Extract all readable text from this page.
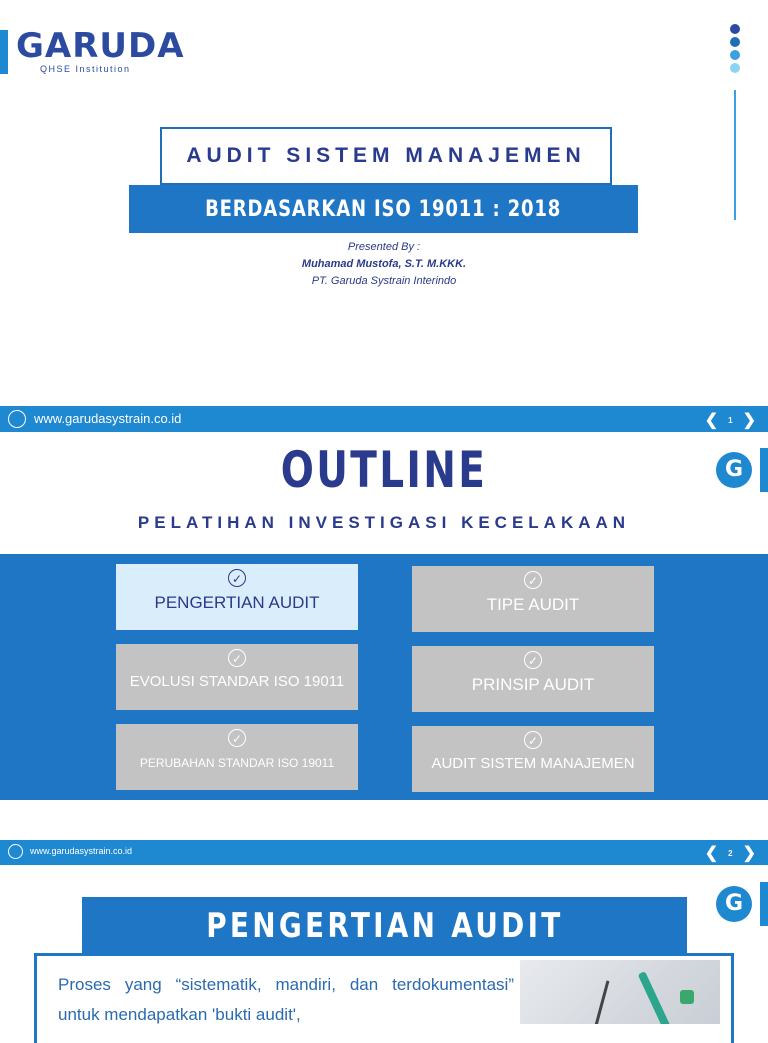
GARUDA
QHSE Institution
AUDIT SISTEM MANAJEMEN
BERDASARKAN ISO 19011 : 2018
Presented By :
Muhamad Mustofa, S.T. M.KKK.
PT. Garuda Systrain Interindo
www.garudasystrain.co.id	❮ 1 ❯
OUTLINE
PELATIHAN INVESTIGASI KECELAKAAN
G
✓
PENGERTIAN AUDIT
✓
TIPE AUDIT
✓
EVOLUSI STANDAR ISO 19011
✓
PRINSIP AUDIT
✓
PERUBAHAN STANDAR ISO 19011
✓
AUDIT SISTEM MANAJEMEN
www.garudasystrain.co.id	❮ 2 ❯
G
PENGERTIAN AUDIT
Proses yang “sistematik, mandiri, dan terdokumentasi” untuk mendapatkan 'bukti audit',
